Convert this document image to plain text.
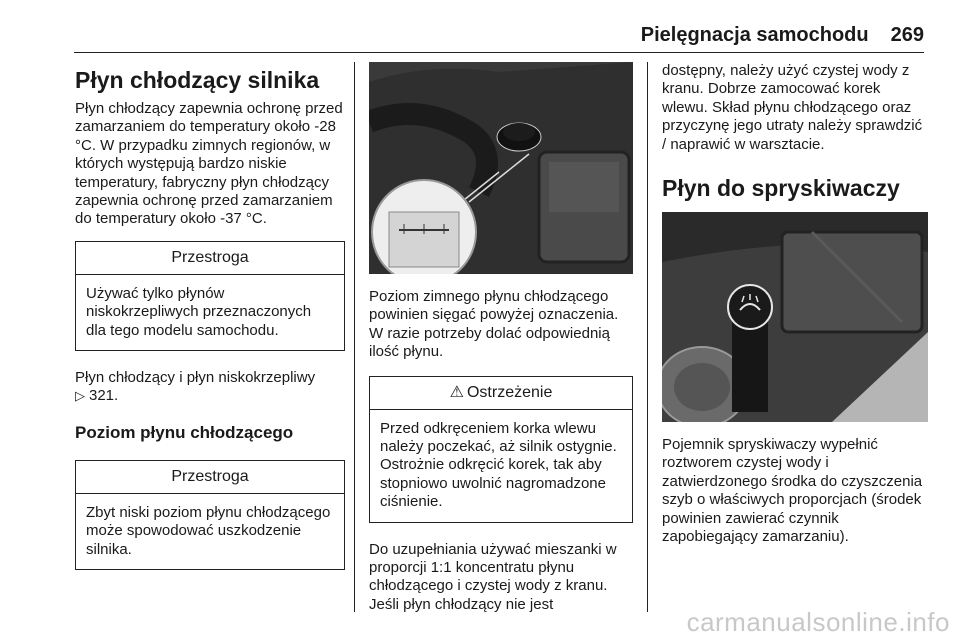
Pielęgnacja samochodu 269
Płyn chłodzący silnika

Płyn chłodzący zapewnia ochronę przed zamarzaniem do temperatury około -28 °C. W przypadku zimnych regionów, w których występują bardzo niskie temperatury, fabryczny płyn chłodzący zapewnia ochronę przed zamarzaniem do temperatury około -37 °C.

Przestroga
Używać tylko płynów niskokrzepliwych przeznaczonych dla tego modelu samochodu.

Płyn chłodzący i płyn niskokrzepliwy
▷ 321.

Poziom płynu chłodzącego
Przestroga
Zbyt niski poziom płynu chłodzącego może spowodować uszkodzenie silnika.

Poziom zimnego płynu chłodzącego powinien sięgać powyżej oznaczenia. W razie potrzeby dolać odpowiednią ilość płynu.

⚠ Ostrzeżenie
Przed odkręceniem korka wlewu należy poczekać, aż silnik ostygnie. Ostrożnie odkręcić korek, tak aby stopniowo uwolnić nagromadzone ciśnienie.

Do uzupełniania używać mieszanki w proporcji 1:1 koncentratu płynu chłodzącego i czystej wody z kranu. Jeśli płyn chłodzący nie jest

dostępny, należy użyć czystej wody z kranu. Dobrze zamocować korek wlewu. Skład płynu chłodzącego oraz przyczynę jego utraty należy sprawdzić / naprawić w warsztacie.

Płyn do spryskiwaczy

Pojemnik spryskiwaczy wypełnić roztworem czystej wody i zatwierdzonego środka do czyszczenia szyb o właściwych proporcjach (środek powinien zawierać czynnik zapobiegający zamarzaniu).

carmanualsonline.info
